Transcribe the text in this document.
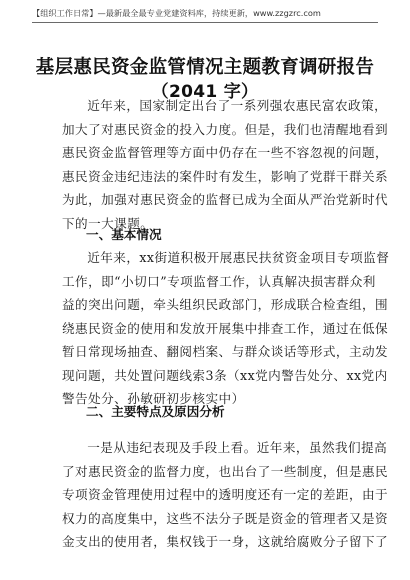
【组织工作日常】—最新最全最专业党建资料库，持续更新，www.zzgzrc.com
基层惠民资金监管情况主题教育调研报告
（2041 字）
近年来，国家制定出台了一系列强农惠民富农政策，
加大了对惠民资金的投入力度。但是，我们也清醒地看到
惠民资金监督管理等方面中仍存在一些不容忽视的问题，
惠民资金违纪违法的案件时有发生，影响了党群干群关系
为此，加强对惠民资金的监督已成为全面从严治党新时代
下的一大课题。
一、基本情况
近年来，xx街道积极开展惠民扶贫资金项目专项监督
工作，即“小切口”专项监督工作，认真解决损害群众利
益的突出问题，牵头组织民政部门，形成联合检查组，围
绕惠民资金的使用和发放开展集中排查工作，通过在低保
暂日常现场抽查、翻阅档案、与群众谈话等形式，主动发
现问题，共处置问题线索3条（xx党内警告处分、xx党内
警告处分、孙敏研初步核实中）
二、主要特点及原因分析
一是从违纪表现及手段上看。近年来，虽然我们提高
了对惠民资金的监督力度，也出台了一些制度，但是惠民
专项资金管理使用过程中的透明度还有一定的差距，由于
权力的高度集中，这些不法分子既是资金的管理者又是资
金支出的使用者，集权钱于一身，这就给腐败分子留下了
